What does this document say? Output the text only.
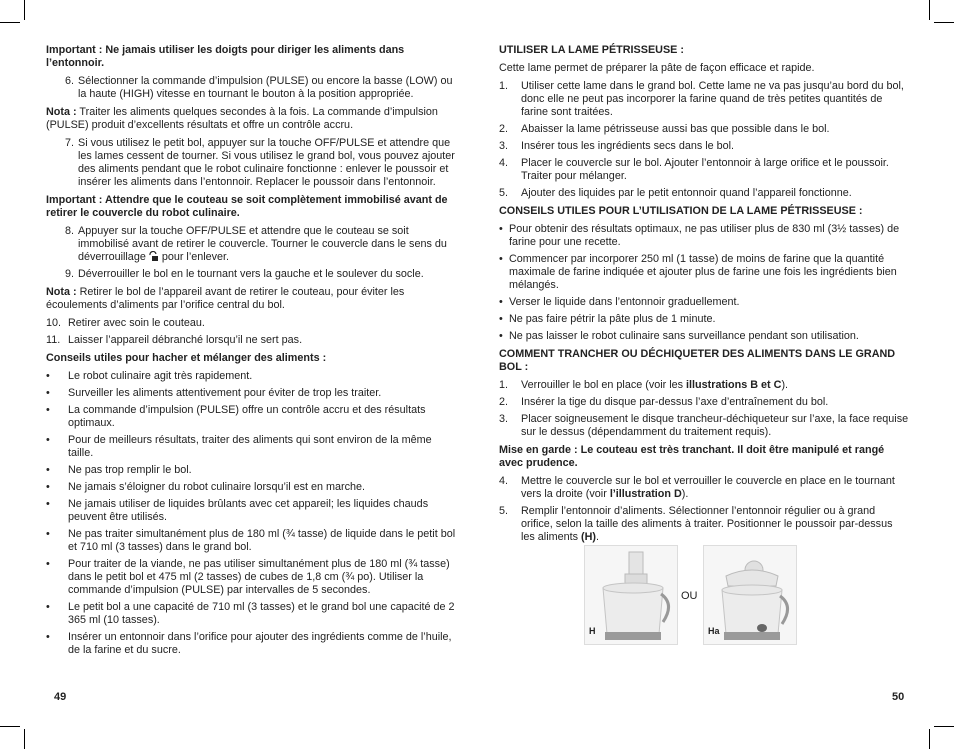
Important : Ne jamais utiliser les doigts pour diriger les aliments dans l’entonnoir.

6. Sélectionner la commande d’impulsion (PULSE) ou encore la basse (LOW) ou la haute (HIGH) vitesse en tournant le bouton à la position appropriée.

Nota : Traiter les aliments quelques secondes à la fois. La commande d’impulsion (PULSE) produit d’excellents résultats et offre un contrôle accru.

7. Si vous utilisez le petit bol, appuyer sur la touche OFF/PULSE et attendre que les lames cessent de tourner. Si vous utilisez le grand bol, vous pouvez ajouter des aliments pendant que le robot culinaire fonctionne : enlever le poussoir et insérer les aliments dans l’entonnoir. Replacer le poussoir dans l’entonnoir.

Important : Attendre que le couteau se soit complètement immobilisé avant de retirer le couvercle du robot culinaire.

8. Appuyer sur la touche OFF/PULSE et attendre que le couteau se soit immobilisé avant de retirer le couvercle. Tourner le couvercle dans le sens du déverrouillage  pour l’enlever.
9. Déverrouiller le bol en le tournant vers la gauche et le soulever du socle.

Nota : Retirer le bol de l’appareil avant de retirer le couteau, pour éviter les écoulements d’aliments par l’orifice central du bol.

10. Retirer avec soin le couteau.
11. Laisser l’appareil débranché lorsqu’il ne sert pas.

Conseils utiles pour hacher et mélanger des aliments :

• Le robot culinaire agit très rapidement.
• Surveiller les aliments attentivement pour éviter de trop les traiter.
• La commande d’impulsion (PULSE) offre un contrôle accru et des résultats optimaux.
• Pour de meilleurs résultats, traiter des aliments qui sont environ de la même taille.
• Ne pas trop remplir le bol.
• Ne jamais s’éloigner du robot culinaire lorsqu’il est en marche.
• Ne jamais utiliser de liquides brûlants avec cet appareil; les liquides chauds peuvent être utilisés.
• Ne pas traiter simultanément plus de 180 ml (¾ tasse) de liquide dans le petit bol et 710 ml (3 tasses) dans le grand bol.
• Pour traiter de la viande, ne pas utiliser simultanément plus de 180 ml (¾ tasse) dans le petit bol et 475 ml (2 tasses) de cubes de 1,8 cm (¾ po). Utiliser la commande d’impulsion (PULSE) par intervalles de 5 secondes.
• Le petit bol a une capacité de 710 ml (3 tasses) et le grand bol une capacité de 2 365 ml (10 tasses).
• Insérer un entonnoir dans l’orifice pour ajouter des ingrédients comme de l’huile, de la farine et du sucre.
49

UTILISER LA LAME PÉTRISSEUSE :

Cette lame permet de préparer la pâte de façon efficace et rapide.

1.	Utiliser cette lame dans le grand bol. Cette lame ne va pas jusqu’au bord du bol, donc elle ne peut pas incorporer la farine quand de très petites quantités de farine sont traitées.
2.	Abaisser la lame pétrisseuse aussi bas que possible dans le bol.
3.	Insérer tous les ingrédients secs dans le bol.
4.	Placer le couvercle sur le bol. Ajouter l’entonnoir à large orifice et le poussoir. Traiter pour mélanger.
5.	Ajouter des liquides par le petit entonnoir quand l’appareil fonctionne.

CONSEILS UTILES POUR L’UTILISATION DE LA LAME PÉTRISSEUSE :

• Pour obtenir des résultats optimaux, ne pas utiliser plus de 830 ml (3½ tasses) de farine pour une recette.
• Commencer par incorporer 250 ml (1 tasse) de moins de farine que la quantité maximale de farine indiquée et ajouter plus de farine une fois les ingrédients bien mélangés.
• Verser le liquide dans l’entonnoir graduellement.
• Ne pas faire pétrir la pâte plus de 1 minute.
• Ne pas laisser le robot culinaire sans surveillance pendant son utilisation.

COMMENT TRANCHER OU DÉCHIQUETER DES ALIMENTS DANS LE GRAND BOL :

1.	Verrouiller le bol en place (voir les illustrations B et C).
2.	Insérer la tige du disque par-dessus l’axe d’entraînement du bol.
3.	Placer soigneusement le disque trancheur-déchiqueteur sur l’axe, la face requise sur le dessus (dépendamment du traitement requis).

Mise en garde : Le couteau est très tranchant. Il doit être manipulé et rangé avec prudence.

4.	Mettre le couvercle sur le bol et verrouiller le couvercle en place en le tournant vers la droite (voir l’illustration D).
5.	Remplir l’entonnoir d’aliments. Sélectionner l’entonnoir régulier ou à grand orifice, selon la taille des aliments à traiter. Positionner le poussoir par-dessus les aliments (H).
H
OU
Ha
50
